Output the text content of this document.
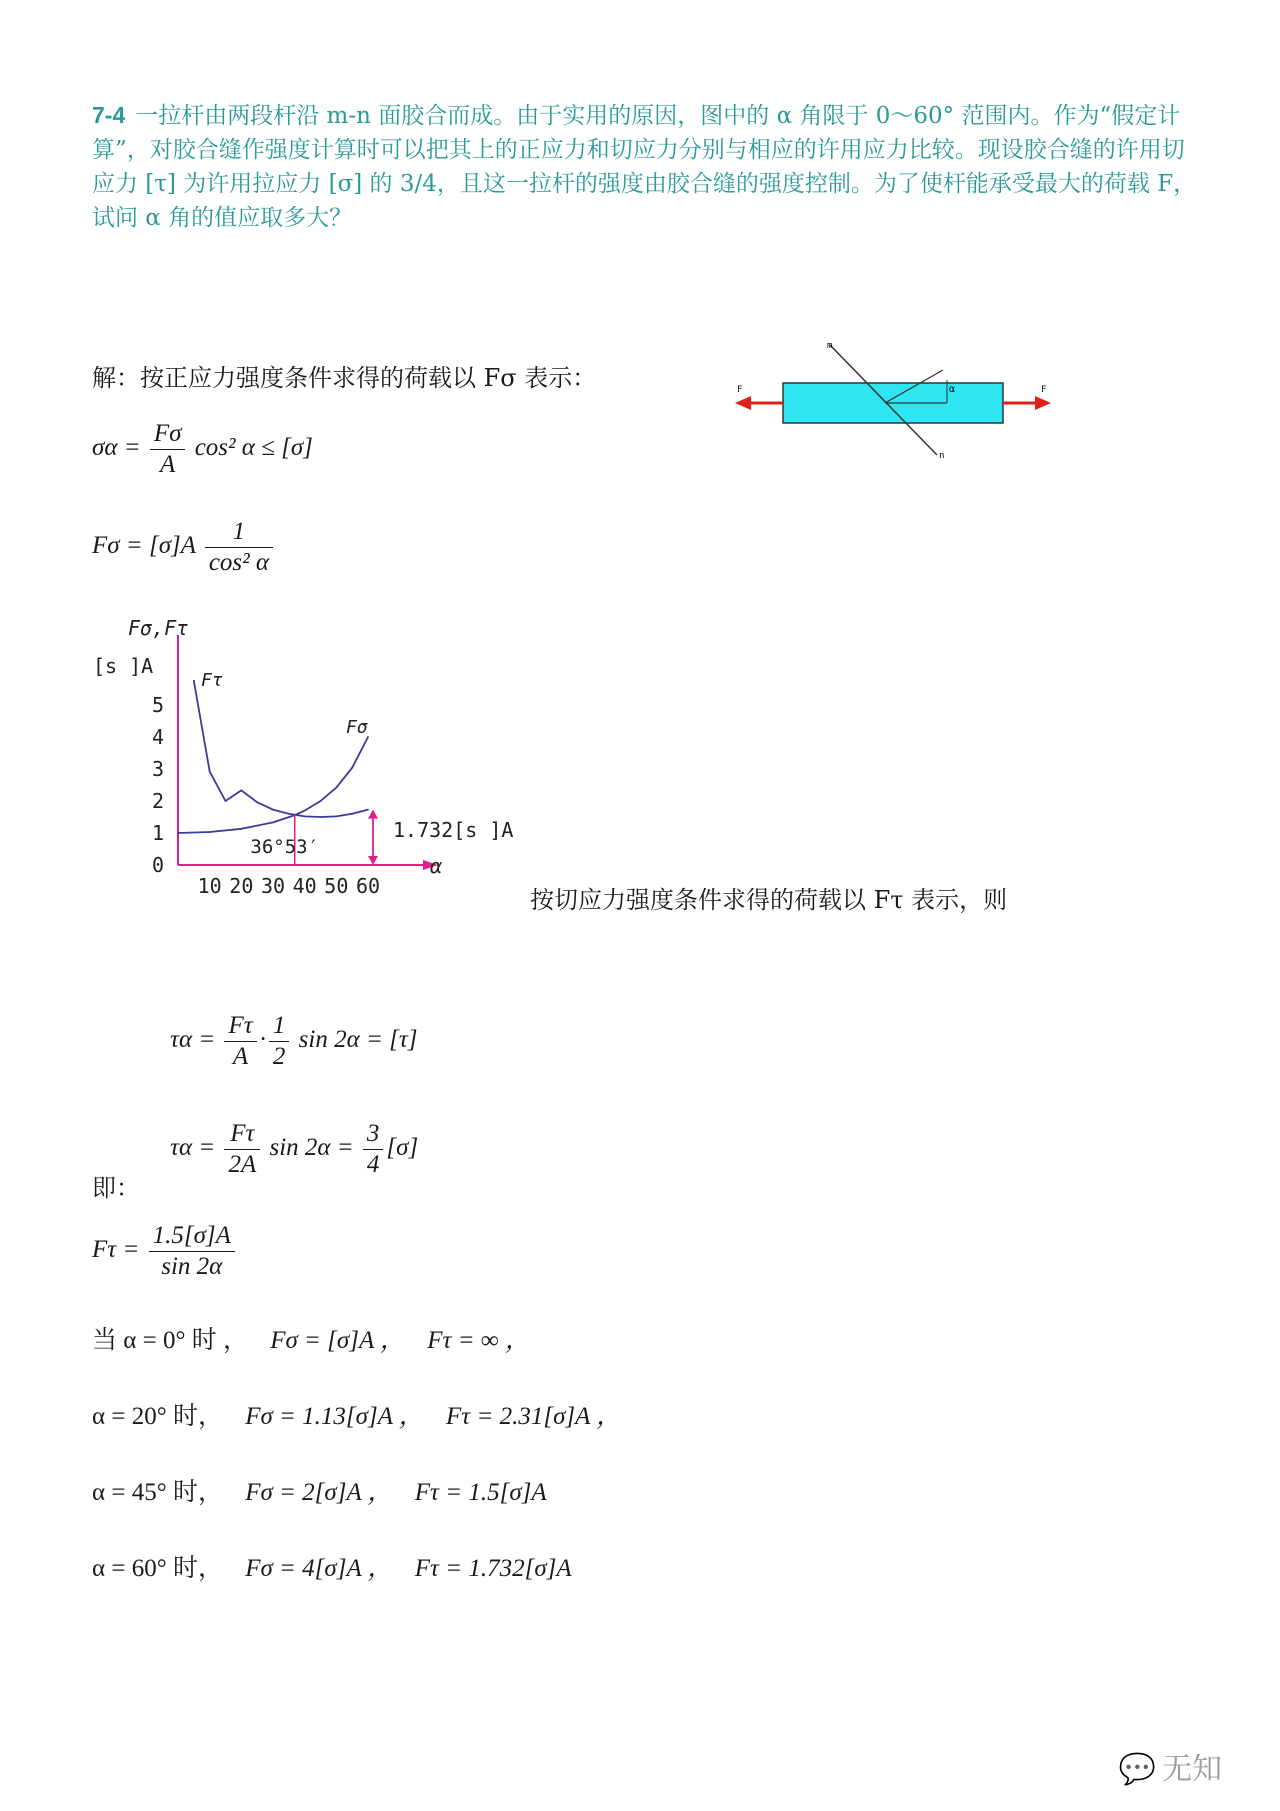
7-4 一拉杆由两段杆沿 m-n 面胶合而成。由于实用的原因，图中的 α 角限于 0～60° 范围内。作为“假定计算”，对胶合缝作强度计算时可以把其上的正应力和切应力分别与相应的许用应力比较。现设胶合缝的许用切应力 [τ] 为许用拉应力 [σ] 的 3/4，且这一拉杆的强度由胶合缝的强度控制。为了使杆能承受最大的荷载 F，试问 α 角的值应取多大？
解：按正应力强度条件求得的荷载以 Fσ 表示：	F	F
m
n
α
$\sigma\alpha = \frac{F\sigma}{A} \cos^2$ α ≤ [σ]
$F\sigma = [\sigma]A \frac{1}{\text{cos² α}}$
10 20 30 40 50 60
0
1
2
3
4
5
α
Fσ,Fτ
[s ]A
Fτ
Fσ
36°53′
1.732[s ]A
按切应力强度条件求得的荷载以 Fτ 表示，则
$\tau\alpha = \frac{F\tau}{A} \cdot \frac{1}{2}$ sin 2α = [τ]
即：
$\tau\alpha = \frac{F\tau}{2A}$ $\sin 2\alpha = \frac{3}{4} [\sigma]$
$F\tau = \frac{1.5[\sigma]A}{\sin 2\alpha}$
当 α = 0° 时 ， Fσ = [σ]A ， Fτ = ∞ ，
α = 20° 时， Fσ = 1.13[σ]A ， Fτ = 2.31[σ]A ，
α = 45° 时， Fσ = 2[σ]A ， Fτ = 1.5[σ]A
α = 60° 时， Fσ = 4[σ]A ， Fτ = 1.732[σ]A
💬 无知
